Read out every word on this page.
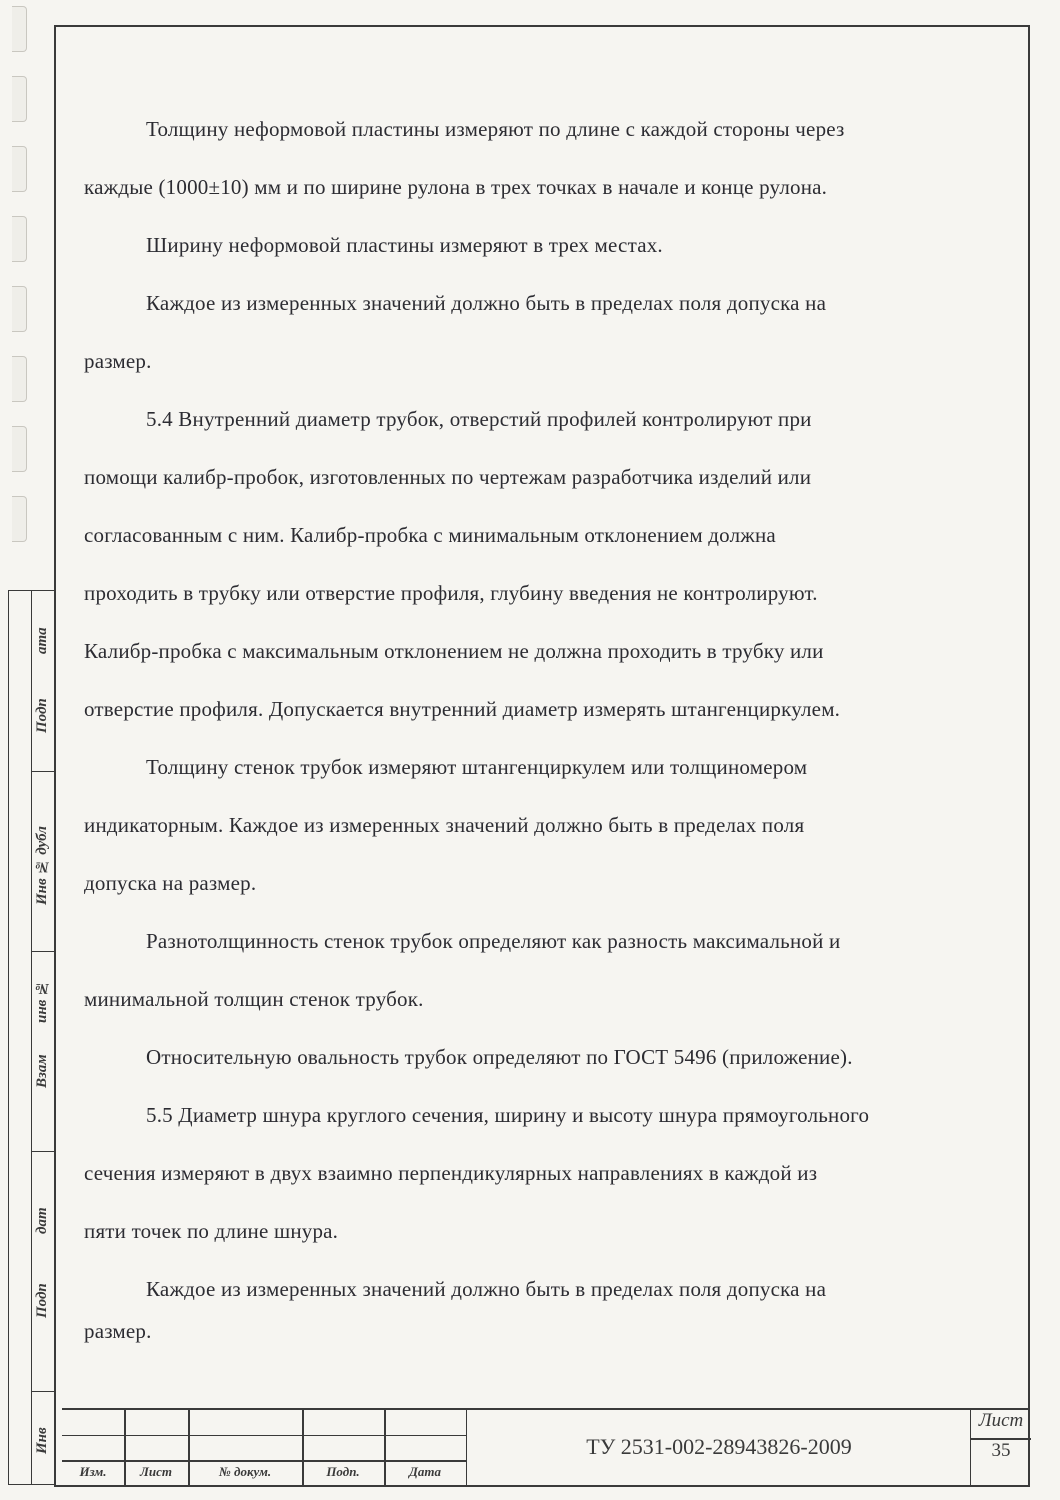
Инв
Подп
дат
Взам
инв №
Инв № дубл
Подп
ата

Толщину неформовой пластины измеряют по длине с каждой стороны через

каждые (1000±10) мм и по ширине рулона в трех точках в начале и конце рулона.

Ширину неформовой пластины измеряют в трех местах.

Каждое из измеренных значений должно быть в пределах поля допуска на

размер.

5.4 Внутренний диаметр трубок, отверстий профилей контролируют при

помощи калибр-пробок, изготовленных по чертежам разработчика изделий или

согласованным с ним. Калибр-пробка с минимальным отклонением должна

проходить в трубку или отверстие профиля, глубину введения не контролируют.

Калибр-пробка с максимальным отклонением не должна проходить в трубку или

отверстие профиля. Допускается внутренний диаметр измерять штангенциркулем.

Толщину стенок трубок измеряют штангенциркулем или толщиномером

индикаторным. Каждое из измеренных значений должно быть в пределах поля

допуска на размер.

Разнотолщинность стенок трубок определяют как разность максимальной и

минимальной толщин стенок трубок.

Относительную овальность трубок определяют по ГОСТ 5496 (приложение).

5.5 Диаметр шнура круглого сечения, ширину и высоту шнура прямоугольного

сечения измеряют в двух взаимно перпендикулярных направлениях в каждой из

пяти точек по длине шнура.

Каждое из измеренных значений должно быть в пределах поля допуска на

размер.

Изм.	Лист	№ докум.	Подп.	Дата
ТУ 2531-002-28943826-2009
Лист
35
